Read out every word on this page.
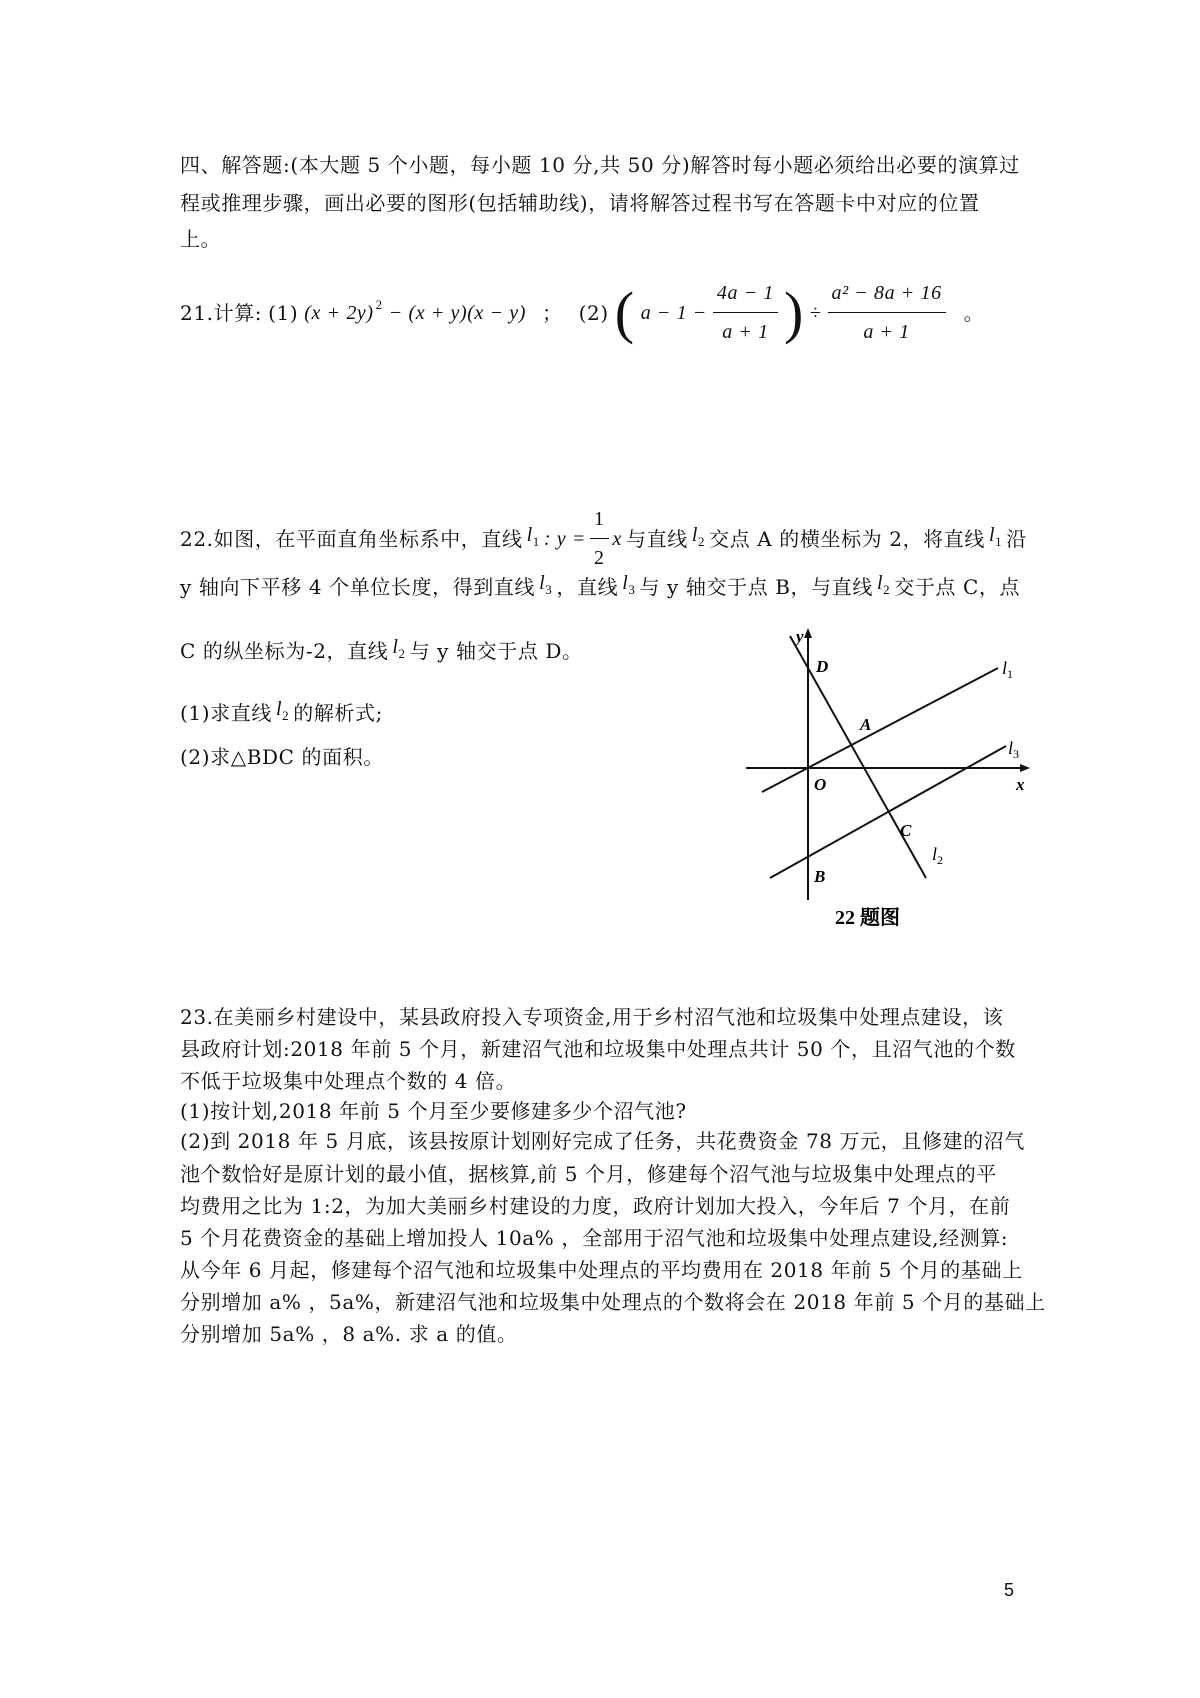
四、解答题:(本大题 5 个小题，每小题 10 分,共 50 分)解答时每小题必须给出必要的演算过
程或推理步骤，画出必要的图形(包括辅助线)，请将解答过程书写在答题卡中对应的位置
上。
21.计算: (1) $(x + 2y)^2 - (x + y)(x - y)$ ； (2) ( $a - 1 - \frac{4a - 1}{a + 1}$ ) ÷ $\frac{\text{a² − 8a + 16}}{a + 1}$ 。
22.如图，在平面直角坐标系中，直线 $l_1$ : $y = \frac{1}{2}$ x 与直线 $l_2$ 交点 A 的横坐标为 2，将直线 $l_1$ 沿
y 轴向下平移 4 个单位长度，得到直线 $l_3$ ，直线 $l_3$ 与 y 轴交于点 B，与直线 $l_2$ 交于点 C，点
C 的纵坐标为-2，直线 $l_2$ 与 y 轴交于点 D。
(1)求直线 $l_2$ 的解析式;
(2)求△BDC 的面积。
y
x
D
A
O
C
B
$l_1$
$l_3$
$l_2$
22 题图
23.在美丽乡村建设中，某县政府投入专项资金,用于乡村沼气池和垃圾集中处理点建设，该
县政府计划:2018 年前 5 个月，新建沼气池和垃圾集中处理点共计 50 个，且沼气池的个数
不低于垃圾集中处理点个数的 4 倍。
(1)按计划,2018 年前 5 个月至少要修建多少个沼气池?
(2)到 2018 年 5 月底，该县按原计划刚好完成了任务，共花费资金 78 万元，且修建的沼气
池个数恰好是原计划的最小值，据核算,前 5 个月，修建每个沼气池与垃圾集中处理点的平
均费用之比为 1:2，为加大美丽乡村建设的力度，政府计划加大投入，今年后 7 个月，在前
5 个月花费资金的基础上增加投人 10a% ，全部用于沼气池和垃圾集中处理点建设,经测算:
从今年 6 月起，修建每个沼气池和垃圾集中处理点的平均费用在 2018 年前 5 个月的基础上
分别增加 a% ，5a%，新建沼气池和垃圾集中处理点的个数将会在 2018 年前 5 个月的基础上
分别增加 5a% ，8 a%. 求 a 的值。
5
